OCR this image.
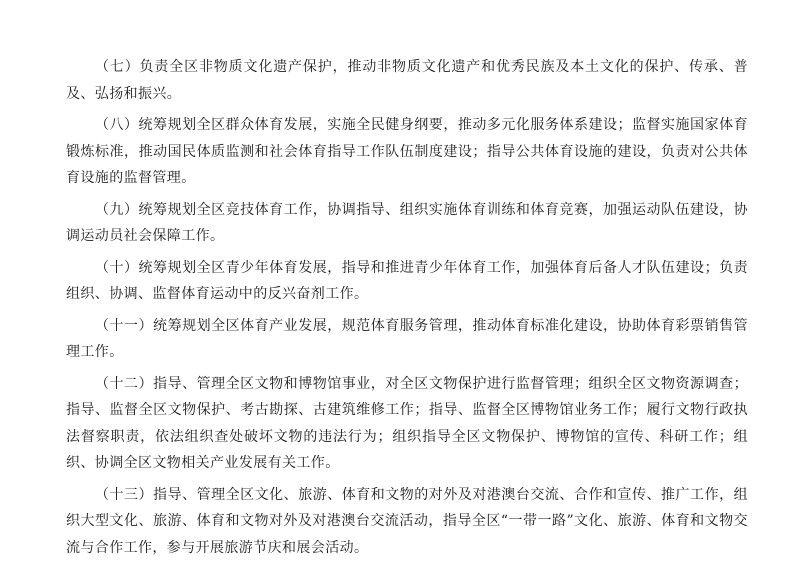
（七）负责全区非物质文化遗产保护，推动非物质文化遗产和优秀民族及本土文化的保护、传承、普及、弘扬和振兴。

（八）统筹规划全区群众体育发展，实施全民健身纲要，推动多元化服务体系建设；监督实施国家体育锻炼标准，推动国民体质监测和社会体育指导工作队伍制度建设；指导公共体育设施的建设，负责对公共体育设施的监督管理。

（九）统筹规划全区竞技体育工作，协调指导、组织实施体育训练和体育竞赛，加强运动队伍建设，协调运动员社会保障工作。

（十）统筹规划全区青少年体育发展，指导和推进青少年体育工作，加强体育后备人才队伍建设；负责组织、协调、监督体育运动中的反兴奋剂工作。

（十一）统筹规划全区体育产业发展，规范体育服务管理，推动体育标准化建设，协助体育彩票销售管理工作。

（十二）指导、管理全区文物和博物馆事业，对全区文物保护进行监督管理；组织全区文物资源调查；指导、监督全区文物保护、考古勘探、古建筑维修工作；指导、监督全区博物馆业务工作；履行文物行政执法督察职责，依法组织查处破坏文物的违法行为；组织指导全区文物保护、博物馆的宣传、科研工作；组织、协调全区文物相关产业发展有关工作。

（十三）指导、管理全区文化、旅游、体育和文物的对外及对港澳台交流、合作和宣传、推广工作，组织大型文化、旅游、体育和文物对外及对港澳台交流活动，指导全区“一带一路”文化、旅游、体育和文物交流与合作工作，参与开展旅游节庆和展会活动。
